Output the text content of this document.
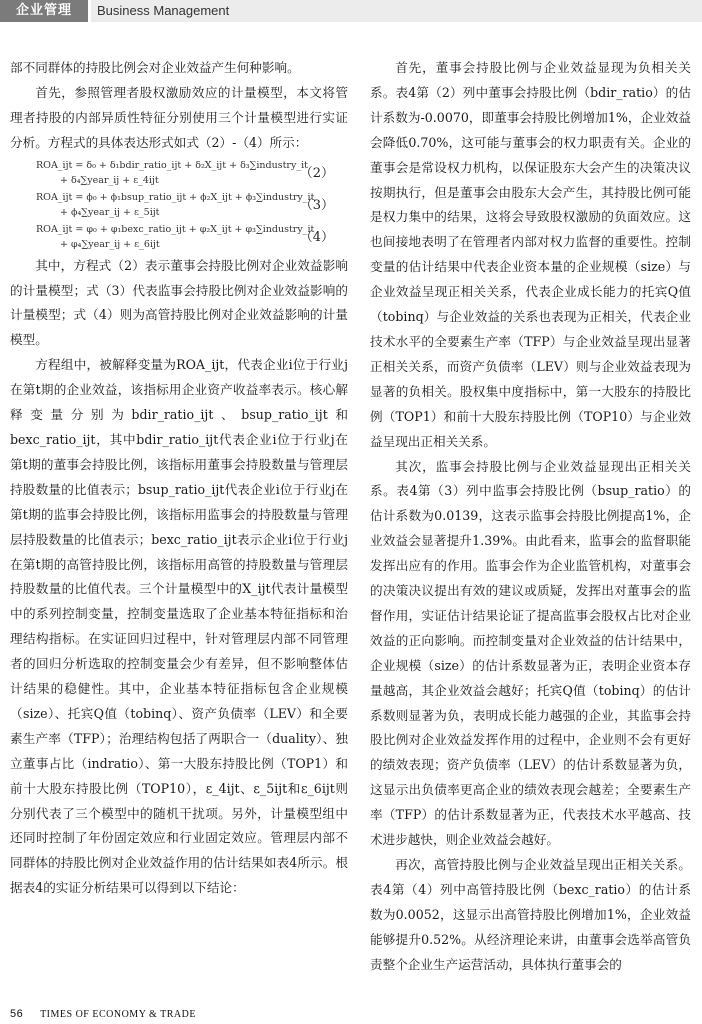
企业管理	Business Management

部不同群体的持股比例会对企业效益产生何种影响。

首先，参照管理者股权激励效应的计量模型，本文将管理者持股的内部异质性特征分别使用三个计量模型进行实证分析。方程式的具体表达形式如式（2）-（4）所示：

ROA_ijt = δ₀ + δ₁bdir_ratio_ijt + δ₂X_ijt + δ₃∑industry_it
+ δ₄∑year_ij + ε_4ijt	（2）
ROA_ijt = ϕ₀ + ϕ₁bsup_ratio_ijt + ϕ₂X_ijt + ϕ₃∑industry_it
+ ϕ₄∑year_ij + ε_5ijt	（3）
ROA_ijt = φ₀ + φ₁bexc_ratio_ijt + φ₂X_ijt + φ₃∑industry_it
+ φ₄∑year_ij + ε_6ijt	（4）

其中，方程式（2）表示董事会持股比例对企业效益影响的计量模型；式（3）代表监事会持股比例对企业效益影响的计量模型；式（4）则为高管持股比例对企业效益影响的计量模型。

方程组中，被解释变量为ROA_ijt，代表企业i位于行业j在第t期的企业效益，该指标用企业资产收益率表示。核心解释变量分别为bdir_ratio_ijt、bsup_ratio_ijt和bexc_ratio_ijt，其中bdir_ratio_ijt代表企业i位于行业j在第t期的董事会持股比例，该指标用董事会持股数量与管理层持股数量的比值表示；bsup_ratio_ijt代表企业i位于行业j在第t期的监事会持股比例，该指标用监事会的持股数量与管理层持股数量的比值表示；bexc_ratio_ijt表示企业i位于行业j在第t期的高管持股比例，该指标用高管的持股数量与管理层持股数量的比值代表。三个计量模型中的X_ijt代表计量模型中的系列控制变量，控制变量选取了企业基本特征指标和治理结构指标。在实证回归过程中，针对管理层内部不同管理者的回归分析选取的控制变量会少有差异，但不影响整体估计结果的稳健性。其中，企业基本特征指标包含企业规模（size）、托宾Q值（tobinq）、资产负债率（LEV）和全要素生产率（TFP）；治理结构包括了两职合一（duality）、独立董事占比（indratio）、第一大股东持股比例（TOP1）和前十大股东持股比例（TOP10），ε_4ijt、ε_5ijt和ε_6ijt则分别代表了三个模型中的随机干扰项。另外，计量模型组中还同时控制了年份固定效应和行业固定效应。管理层内部不同群体的持股比例对企业效益作用的估计结果如表4所示。根据表4的实证分析结果可以得到以下结论：

首先，董事会持股比例与企业效益显现为负相关关系。表4第（2）列中董事会持股比例（bdir_ratio）的估计系数为-0.0070，即董事会持股比例增加1%，企业效益会降低0.70%，这可能与董事会的权力职责有关。企业的董事会是常设权力机构，以保证股东大会产生的决策决议按期执行，但是董事会由股东大会产生，其持股比例可能是权力集中的结果，这将会导致股权激励的负面效应。这也间接地表明了在管理者内部对权力监督的重要性。控制变量的估计结果中代表企业资本量的企业规模（size）与企业效益呈现正相关关系，代表企业成长能力的托宾Q值（tobinq）与企业效益的关系也表现为正相关，代表企业技术水平的全要素生产率（TFP）与企业效益呈现出显著正相关关系，而资产负债率（LEV）则与企业效益表现为显著的负相关。股权集中度指标中，第一大股东的持股比例（TOP1）和前十大股东持股比例（TOP10）与企业效益呈现出正相关关系。

其次，监事会持股比例与企业效益显现出正相关关系。表4第（3）列中监事会持股比例（bsup_ratio）的估计系数为0.0139，这表示监事会持股比例提高1%，企业效益会显著提升1.39%。由此看来，监事会的监督职能发挥出应有的作用。监事会作为企业监管机构，对董事会的决策决议提出有效的建议或质疑，发挥出对董事会的监督作用，实证估计结果论证了提高监事会股权占比对企业效益的正向影响。而控制变量对企业效益的估计结果中，企业规模（size）的估计系数显著为正，表明企业资本存量越高，其企业效益会越好；托宾Q值（tobinq）的估计系数则显著为负，表明成长能力越强的企业，其监事会持股比例对企业效益发挥作用的过程中，企业则不会有更好的绩效表现；资产负债率（LEV）的估计系数显著为负，这显示出负债率更高企业的绩效表现会越差；全要素生产率（TFP）的估计系数显著为正，代表技术水平越高、技术进步越快，则企业效益会越好。

再次，高管持股比例与企业效益呈现出正相关关系。表4第（4）列中高管持股比例（bexc_ratio）的估计系数为0.0052，这显示出高管持股比例增加1%，企业效益能够提升0.52%。从经济理论来讲，由董事会选举高管负责整个企业生产运营活动，具体执行董事会的

56 TIMES OF ECONOMY & TRADE
